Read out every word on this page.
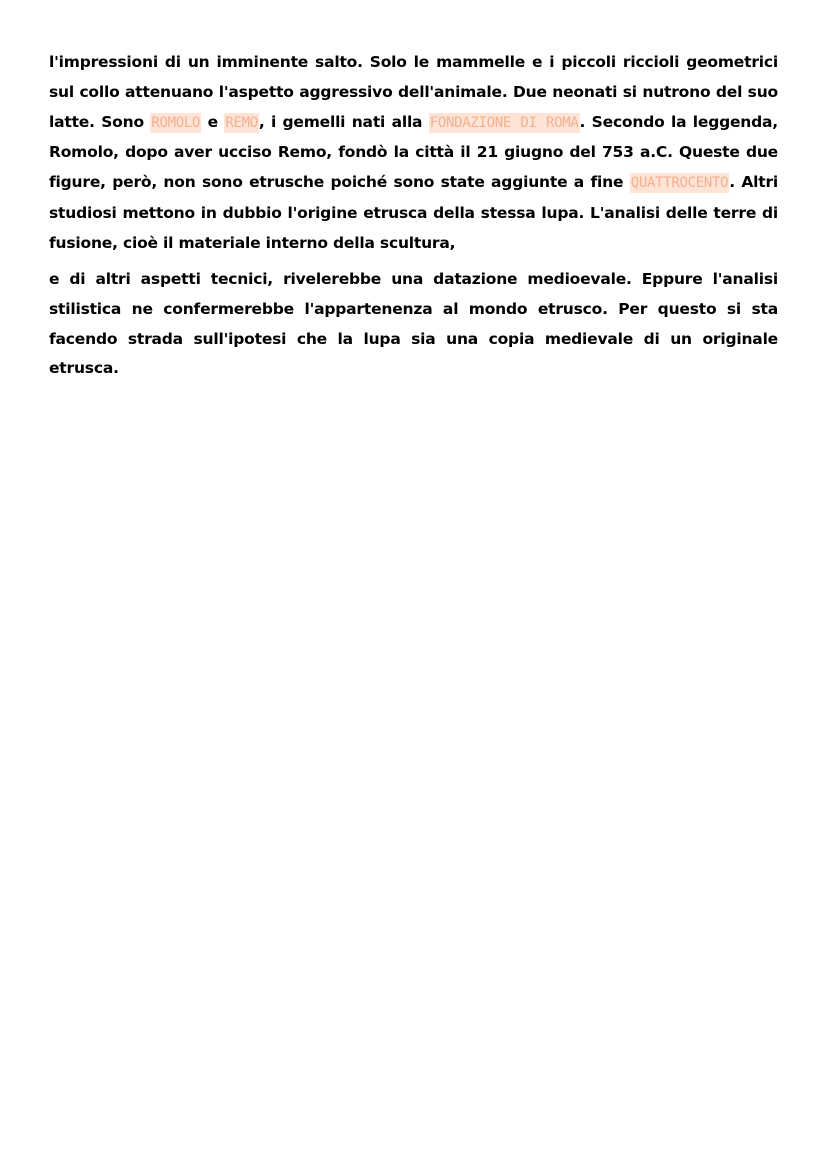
l'impressioni di un imminente salto. Solo le mammelle e i piccoli riccioli geometrici sul collo attenuano l'aspetto aggressivo dell'animale. Due neonati si nutrono del suo latte. Sono ROMOLO e REMO, i gemelli nati alla FONDAZIONE DI ROMA. Secondo la leggenda, Romolo, dopo aver ucciso Remo, fondò la città il 21 giugno del 753 a.C. Queste due figure, però, non sono etrusche poiché sono state aggiunte a fine QUATTROCENTO. Altri studiosi mettono in dubbio l'origine etrusca della stessa lupa. L'analisi delle terre di fusione, cioè il materiale interno della scultura,

e di altri aspetti tecnici, rivelerebbe una datazione medioevale. Eppure l'analisi stilistica ne confermerebbe l'appartenenza al mondo etrusco. Per questo si sta facendo strada sull'ipotesi che la lupa sia una copia medievale di un originale etrusca.
